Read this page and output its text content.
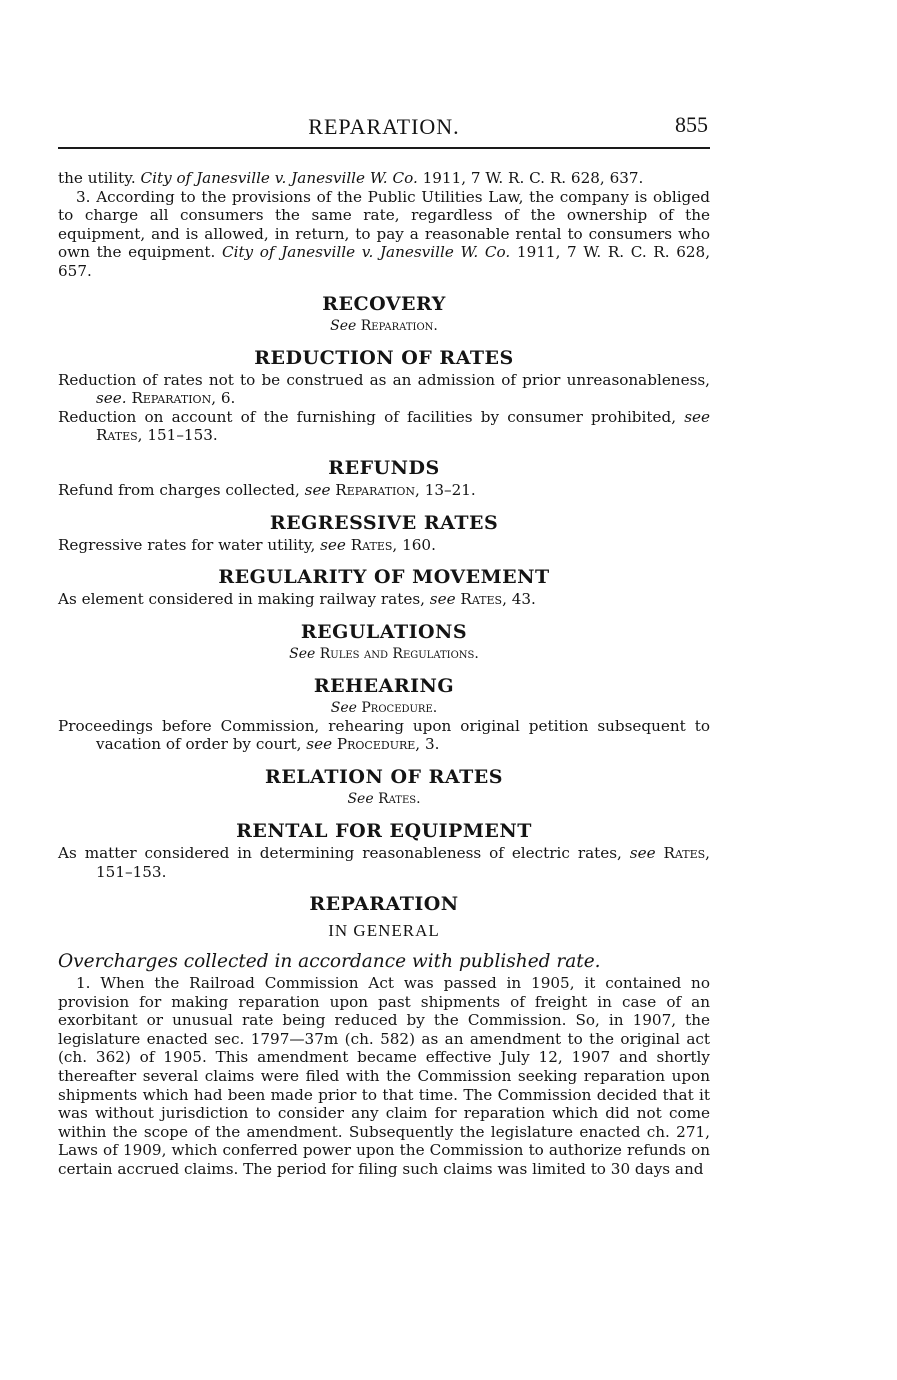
REPARATION.	855

the utility. City of Janesville v. Janesville W. Co. 1911, 7 W. R. C. R. 628, 637.

3. According to the provisions of the Public Utilities Law, the company is obliged to charge all consumers the same rate, regardless of the ownership of the equipment, and is allowed, in return, to pay a reasonable rental to consumers who own the equipment. City of Janesville v. Janesville W. Co. 1911, 7 W. R. C. R. 628, 657.

RECOVERY
See Reparation.
REDUCTION OF RATES

Reduction of rates not to be construed as an admission of prior unreasonableness, see. Reparation, 6.

Reduction on account of the furnishing of facilities by consumer prohibited, see Rates, 151–153.

REFUNDS

Refund from charges collected, see Reparation, 13–21.

REGRESSIVE RATES

Regressive rates for water utility, see Rates, 160.

REGULARITY OF MOVEMENT

As element considered in making railway rates, see Rates, 43.

REGULATIONS
See Rules and Regulations.
REHEARING
See Procedure.

Proceedings before Commission, rehearing upon original petition subsequent to vacation of order by court, see Procedure, 3.

RELATION OF RATES
See Rates.
RENTAL FOR EQUIPMENT

As matter considered in determining reasonableness of electric rates, see Rates, 151–153.

REPARATION
IN GENERAL
Overcharges collected in accordance with published rate.

1. When the Railroad Commission Act was passed in 1905, it contained no provision for making reparation upon past shipments of freight in case of an exorbitant or unusual rate being reduced by the Commission. So, in 1907, the legislature enacted sec. 1797—37m (ch. 582) as an amendment to the original act (ch. 362) of 1905. This amendment became effective July 12, 1907 and shortly thereafter several claims were filed with the Commission seeking reparation upon shipments which had been made prior to that time. The Commission decided that it was without jurisdiction to consider any claim for reparation which did not come within the scope of the amendment. Subsequently the legislature enacted ch. 271, Laws of 1909, which conferred power upon the Commission to authorize refunds on certain accrued claims. The period for filing such claims was limited to 30 days and
